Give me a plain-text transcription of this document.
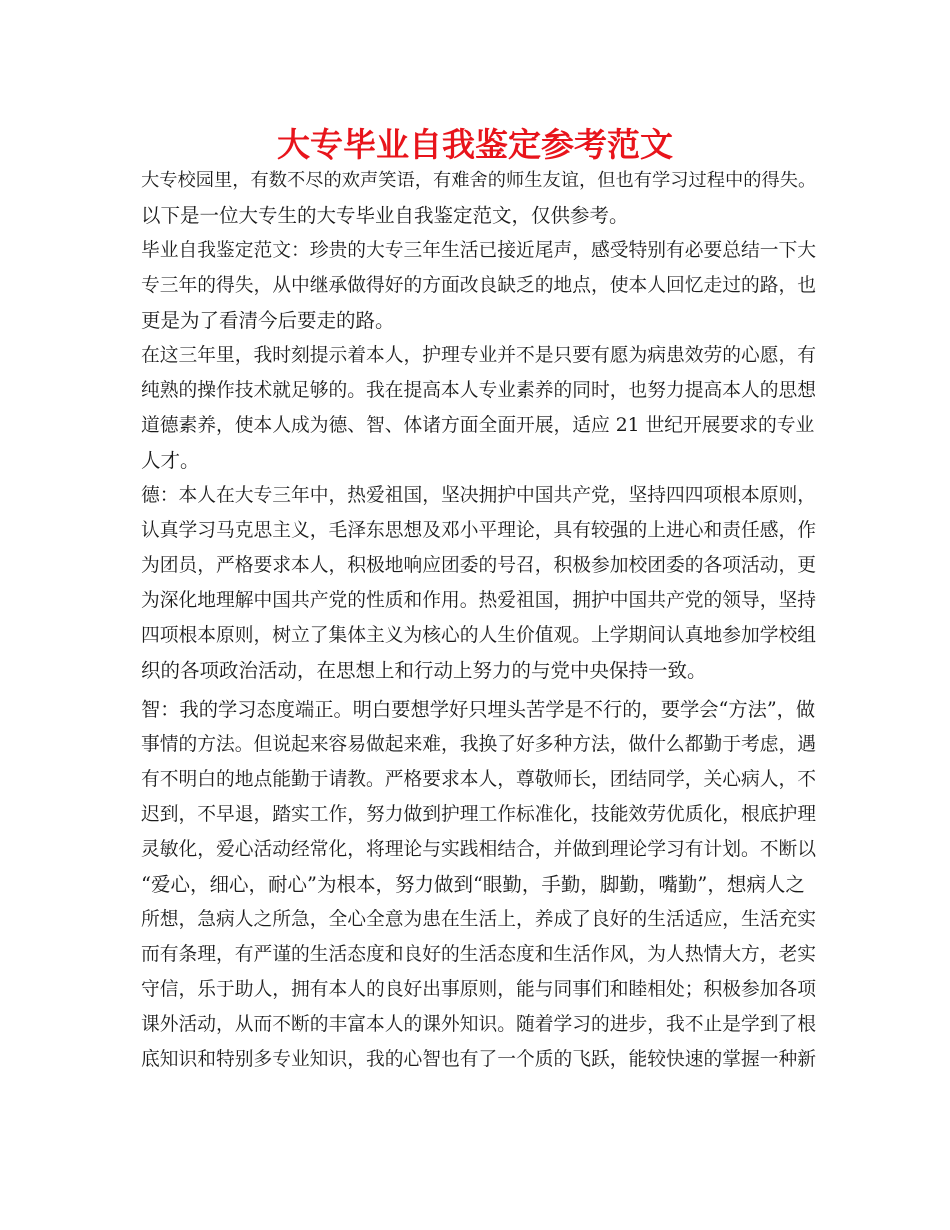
大专毕业自我鉴定参考范文

大专校园里，有数不尽的欢声笑语，有难舍的师生友谊，但也有学习过程中的得失。

以下是一位大专生的大专毕业自我鉴定范文，仅供参考。

毕业自我鉴定范文：珍贵的大专三年生活已接近尾声，感受特别有必要总结一下大

专三年的得失，从中继承做得好的方面改良缺乏的地点，使本人回忆走过的路，也

更是为了看清今后要走的路。

在这三年里，我时刻提示着本人，护理专业并不是只要有愿为病患效劳的心愿，有

纯熟的操作技术就足够的。我在提高本人专业素养的同时，也努力提高本人的思想

道德素养，使本人成为德、智、体诸方面全面开展，适应 21 世纪开展要求的专业

人才。

德：本人在大专三年中，热爱祖国，坚决拥护中国共产党，坚持四四项根本原则，

认真学习马克思主义，毛泽东思想及邓小平理论，具有较强的上进心和责任感，作

为团员，严格要求本人，积极地响应团委的号召，积极参加校团委的各项活动，更

为深化地理解中国共产党的性质和作用。热爱祖国，拥护中国共产党的领导，坚持

四项根本原则，树立了集体主义为核心的人生价值观。上学期间认真地参加学校组

织的各项政治活动，在思想上和行动上努力的与党中央保持一致。

智：我的学习态度端正。明白要想学好只埋头苦学是不行的，要学会“方法”，做

事情的方法。但说起来容易做起来难，我换了好多种方法，做什么都勤于考虑，遇

有不明白的地点能勤于请教。严格要求本人，尊敬师长，团结同学，关心病人，不

迟到，不早退，踏实工作，努力做到护理工作标准化，技能效劳优质化，根底护理

灵敏化，爱心活动经常化，将理论与实践相结合，并做到理论学习有计划。不断以

“爱心，细心，耐心”为根本，努力做到“眼勤，手勤，脚勤，嘴勤”，想病人之

所想，急病人之所急，全心全意为患在生活上，养成了良好的生活适应，生活充实

而有条理，有严谨的生活态度和良好的生活态度和生活作风，为人热情大方，老实

守信，乐于助人，拥有本人的良好出事原则，能与同事们和睦相处；积极参加各项

课外活动，从而不断的丰富本人的课外知识。随着学习的进步，我不止是学到了根

底知识和特别多专业知识，我的心智也有了一个质的飞跃，能较快速的掌握一种新
